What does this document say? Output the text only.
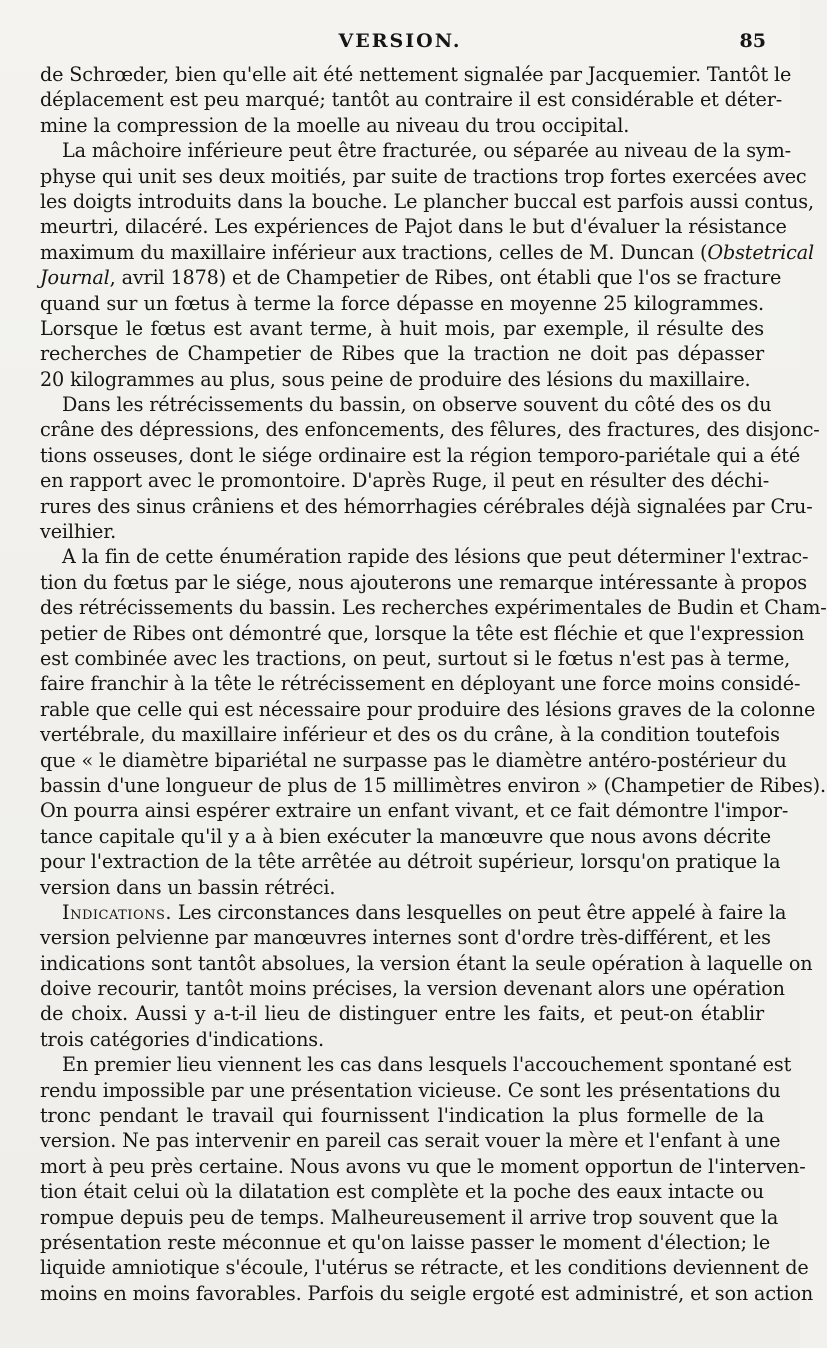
VERSION.	85
de Schrœder, bien qu'elle ait été nettement signalée par Jacquemier. Tantôt le
déplacement est peu marqué; tantôt au contraire il est considérable et déter-
mine la compression de la moelle au niveau du trou occipital.
La mâchoire inférieure peut être fracturée, ou séparée au niveau de la sym-
physe qui unit ses deux moitiés, par suite de tractions trop fortes exercées avec
les doigts introduits dans la bouche. Le plancher buccal est parfois aussi contus,
meurtri, dilacéré. Les expériences de Pajot dans le but d'évaluer la résistance
maximum du maxillaire inférieur aux tractions, celles de M. Duncan (Obstetrical
Journal, avril 1878) et de Champetier de Ribes, ont établi que l'os se fracture
quand sur un fœtus à terme la force dépasse en moyenne 25 kilogrammes.
Lorsque le fœtus est avant terme, à huit mois, par exemple, il résulte des
recherches de Champetier de Ribes que la traction ne doit pas dépasser
20 kilogrammes au plus, sous peine de produire des lésions du maxillaire.
Dans les rétrécissements du bassin, on observe souvent du côté des os du
crâne des dépressions, des enfoncements, des fêlures, des fractures, des disjonc-
tions osseuses, dont le siége ordinaire est la région temporo-pariétale qui a été
en rapport avec le promontoire. D'après Ruge, il peut en résulter des déchi-
rures des sinus crâniens et des hémorrhagies cérébrales déjà signalées par Cru-
veilhier.
A la fin de cette énumération rapide des lésions que peut déterminer l'extrac-
tion du fœtus par le siége, nous ajouterons une remarque intéressante à propos
des rétrécissements du bassin. Les recherches expérimentales de Budin et Cham-
petier de Ribes ont démontré que, lorsque la tête est fléchie et que l'expression
est combinée avec les tractions, on peut, surtout si le fœtus n'est pas à terme,
faire franchir à la tête le rétrécissement en déployant une force moins considé-
rable que celle qui est nécessaire pour produire des lésions graves de la colonne
vertébrale, du maxillaire inférieur et des os du crâne, à la condition toutefois
que « le diamètre bipariétal ne surpasse pas le diamètre antéro-postérieur du
bassin d'une longueur de plus de 15 millimètres environ » (Champetier de Ribes).
On pourra ainsi espérer extraire un enfant vivant, et ce fait démontre l'impor-
tance capitale qu'il y a à bien exécuter la manœuvre que nous avons décrite
pour l'extraction de la tête arrêtée au détroit supérieur, lorsqu'on pratique la
version dans un bassin rétréci.
Indications. Les circonstances dans lesquelles on peut être appelé à faire la
version pelvienne par manœuvres internes sont d'ordre très-différent, et les
indications sont tantôt absolues, la version étant la seule opération à laquelle on
doive recourir, tantôt moins précises, la version devenant alors une opération
de choix. Aussi y a-t-il lieu de distinguer entre les faits, et peut-on établir
trois catégories d'indications.
En premier lieu viennent les cas dans lesquels l'accouchement spontané est
rendu impossible par une présentation vicieuse. Ce sont les présentations du
tronc pendant le travail qui fournissent l'indication la plus formelle de la
version. Ne pas intervenir en pareil cas serait vouer la mère et l'enfant à une
mort à peu près certaine. Nous avons vu que le moment opportun de l'interven-
tion était celui où la dilatation est complète et la poche des eaux intacte ou
rompue depuis peu de temps. Malheureusement il arrive trop souvent que la
présentation reste méconnue et qu'on laisse passer le moment d'élection; le
liquide amniotique s'écoule, l'utérus se rétracte, et les conditions deviennent de
moins en moins favorables. Parfois du seigle ergoté est administré, et son action
